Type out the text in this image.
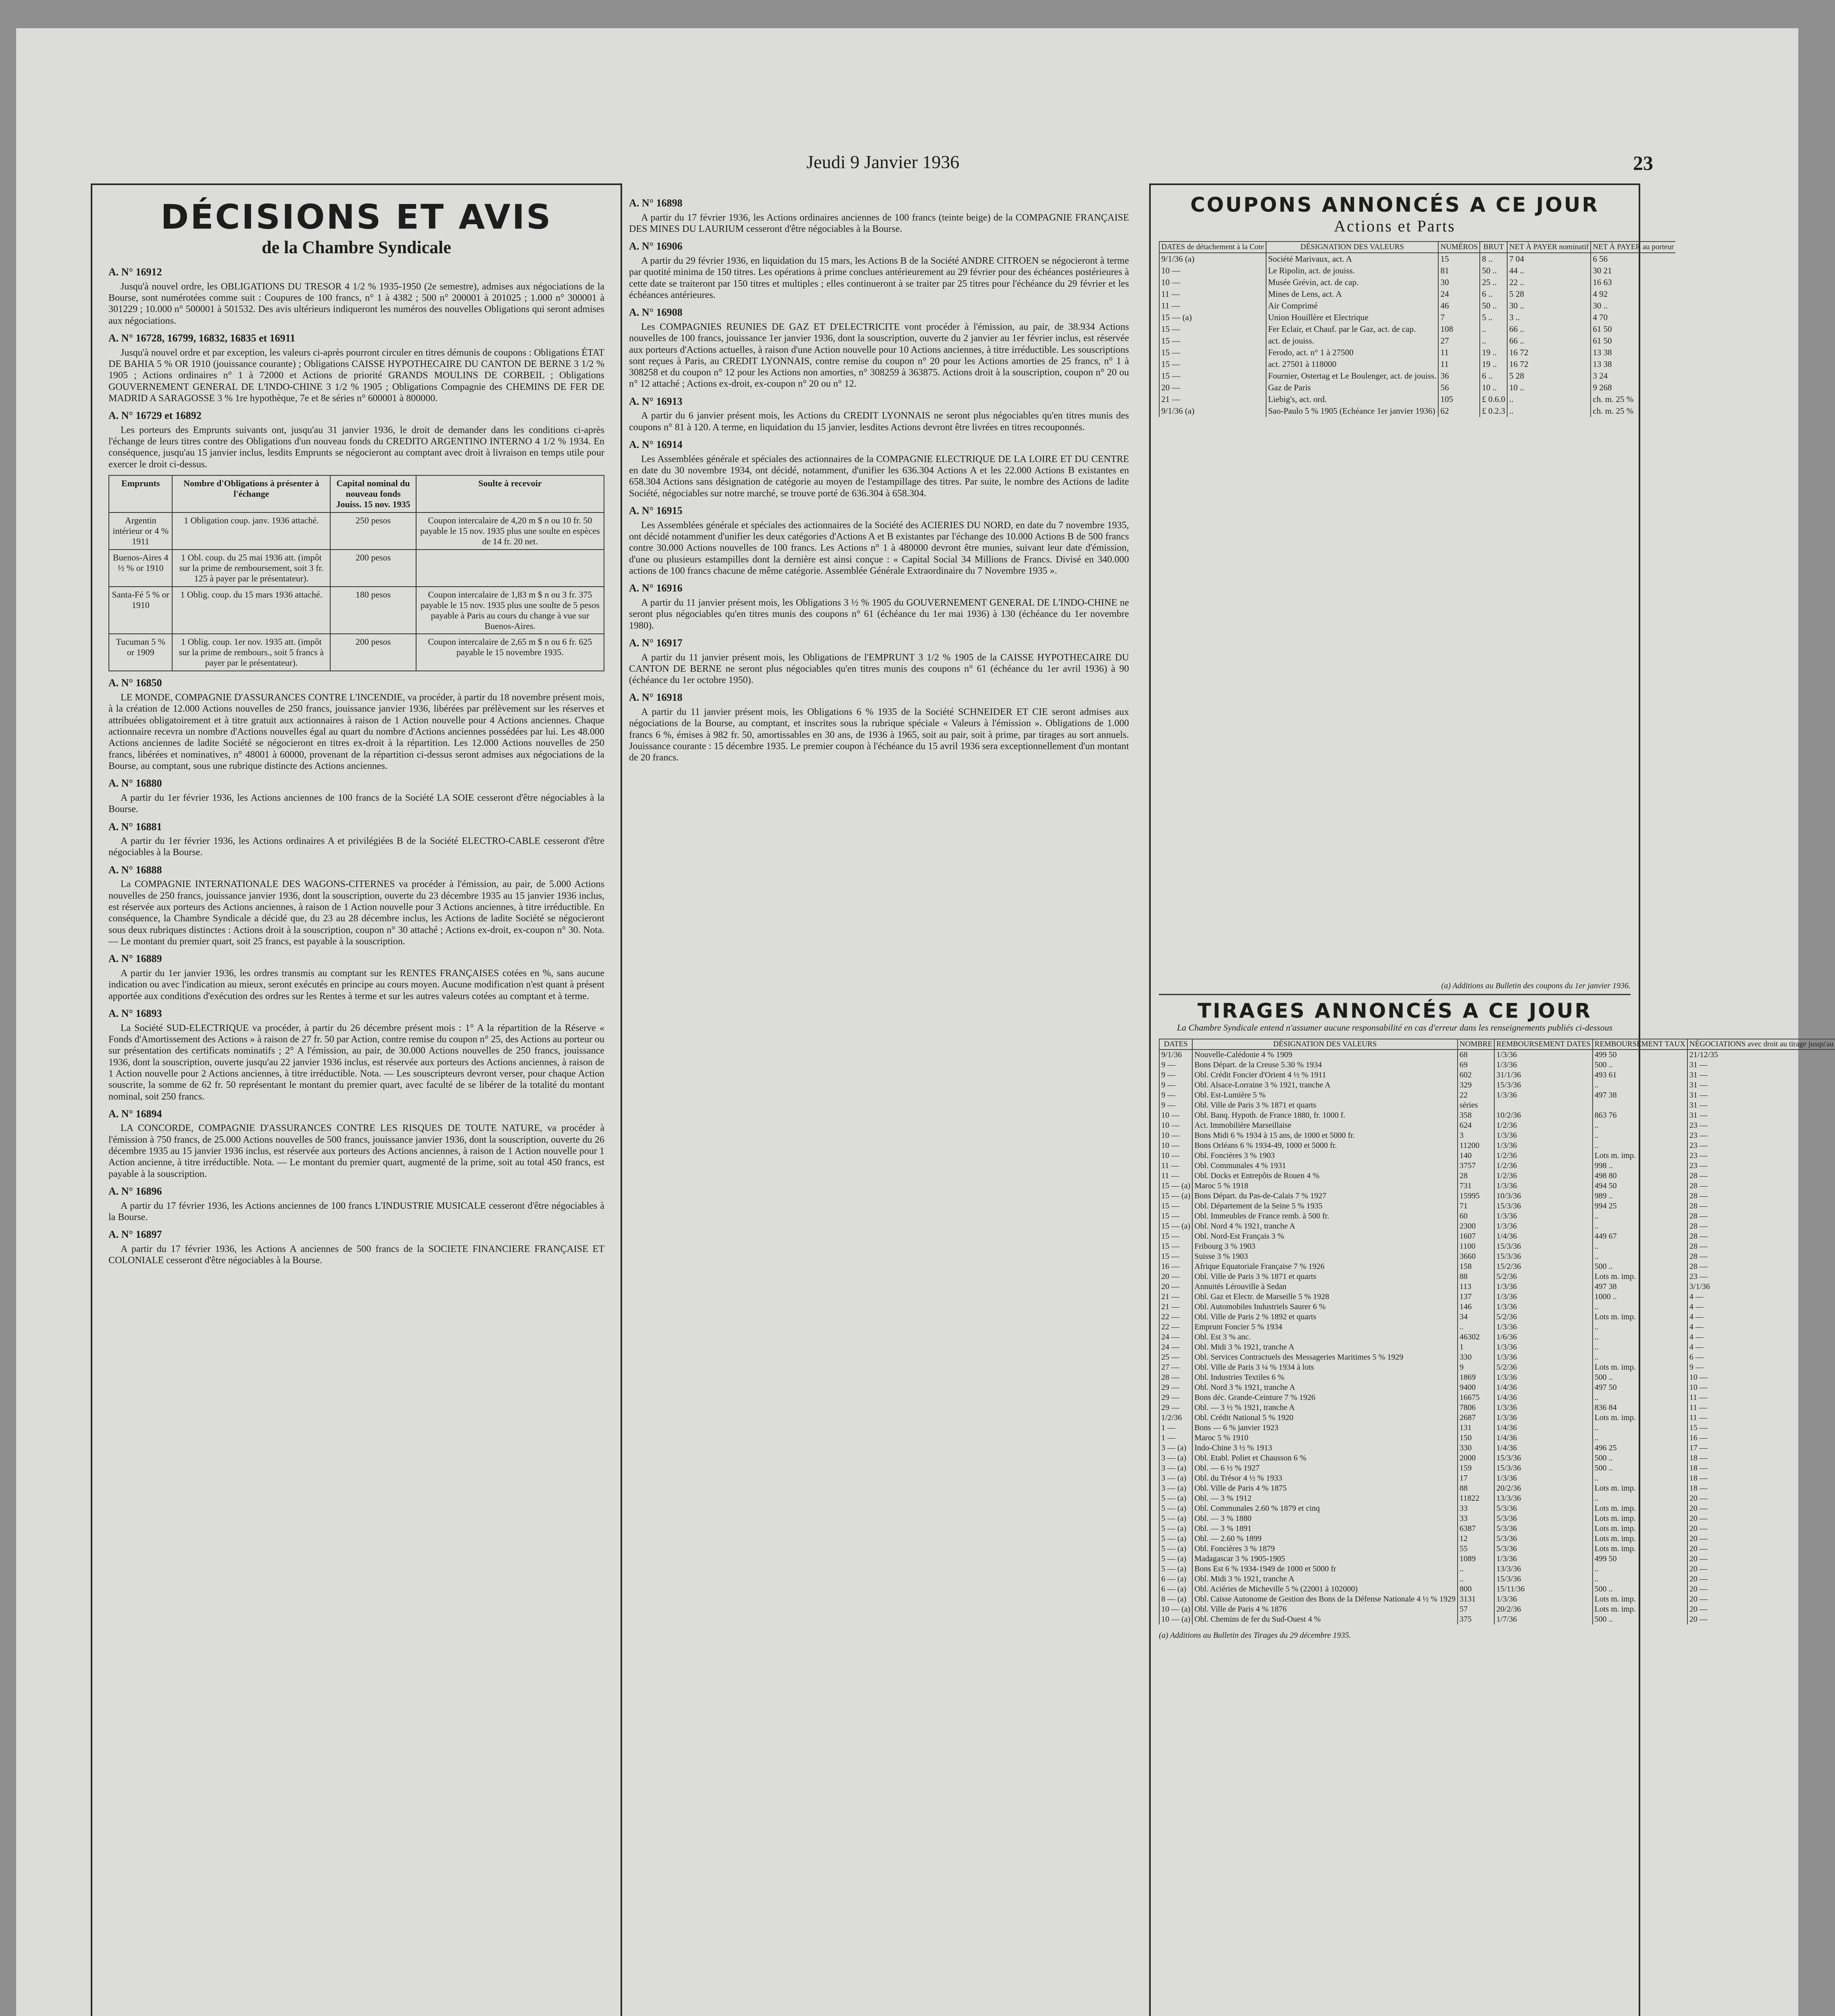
Jeudi 9 Janvier 1936	23
DÉCISIONS ET AVIS
de la Chambre Syndicale
A. N° 16912

Jusqu'à nouvel ordre, les OBLIGATIONS DU TRESOR 4 1/2 % 1935-1950 (2e semestre), admises aux négociations de la Bourse, sont numérotées comme suit : Coupures de 100 francs, n° 1 à 4382 ; 500 n° 200001 à 201025 ; 1.000 n° 300001 à 301229 ; 10.000 n° 500001 à 501532. Des avis ultérieurs indiqueront les numéros des nouvelles Obligations qui seront admises aux négociations.

A. N° 16728, 16799, 16832, 16835 et 16911

Jusqu'à nouvel ordre et par exception, les valeurs ci-après pourront circuler en titres démunis de coupons : Obligations ÉTAT DE BAHIA 5 % OR 1910 (jouissance courante) ; Obligations CAISSE HYPOTHECAIRE DU CANTON DE BERNE 3 1/2 % 1905 ; Actions ordinaires n° 1 à 72000 et Actions de priorité GRANDS MOULINS DE CORBEIL ; Obligations GOUVERNEMENT GENERAL DE L'INDO-CHINE 3 1/2 % 1905 ; Obligations Compagnie des CHEMINS DE FER DE MADRID A SARAGOSSE 3 % 1re hypothèque, 7e et 8e séries n° 600001 à 800000.

A. N° 16729 et 16892

Les porteurs des Emprunts suivants ont, jusqu'au 31 janvier 1936, le droit de demander dans les conditions ci-après l'échange de leurs titres contre des Obligations d'un nouveau fonds du CREDITO ARGENTINO INTERNO 4 1/2 % 1934. En conséquence, jusqu'au 15 janvier inclus, lesdits Emprunts se négocieront au comptant avec droit à livraison en temps utile pour exercer le droit ci-dessus.

Emprunts	Nombre d'Obligations à présenter à l'échange	Capital nominal du nouveau fonds Jouiss. 15 nov. 1935	Soulte à recevoir
Argentin intérieur or 4 % 1911	1 Obligation coup. janv. 1936 attaché.	250 pesos	Coupon intercalaire de 4,20 m $ n ou 10 fr. 50 payable le 15 nov. 1935 plus une soulte en espèces de 14 fr. 20 net.
Buenos-Aires 4 ½ % or 1910	1 Obl. coup. du 25 mai 1936 att. (impôt sur la prime de remboursement, soit 3 fr. 125 à payer par le présentateur).	200 pesos	
Santa-Fé 5 % or 1910	1 Oblig. coup. du 15 mars 1936 attaché.	180 pesos	Coupon intercalaire de 1,83 m $ n ou 3 fr. 375 payable le 15 nov. 1935 plus une soulte de 5 pesos payable à Paris au cours du change à vue sur Buenos-Aires.
Tucuman 5 % or 1909	1 Oblig. coup. 1er nov. 1935 att. (impôt sur la prime de rembours., soit 5 francs à payer par le présentateur).	200 pesos	Coupon intercalaire de 2,65 m $ n ou 6 fr. 625 payable le 15 novembre 1935.
A. N° 16850

LE MONDE, COMPAGNIE D'ASSURANCES CONTRE L'INCENDIE, va procéder, à partir du 18 novembre présent mois, à la création de 12.000 Actions nouvelles de 250 francs, jouissance janvier 1936, libérées par prélèvement sur les réserves et attribuées obligatoirement et à titre gratuit aux actionnaires à raison de 1 Action nouvelle pour 4 Actions anciennes. Chaque actionnaire recevra un nombre d'Actions nouvelles égal au quart du nombre d'Actions anciennes possédées par lui. Les 48.000 Actions anciennes de ladite Société se négocieront en titres ex-droit à la répartition. Les 12.000 Actions nouvelles de 250 francs, libérées et nominatives, n° 48001 à 60000, provenant de la répartition ci-dessus seront admises aux négociations de la Bourse, au comptant, sous une rubrique distincte des Actions anciennes.

A. N° 16880

A partir du 1er février 1936, les Actions anciennes de 100 francs de la Société LA SOIE cesseront d'être négociables à la Bourse.

A. N° 16881

A partir du 1er février 1936, les Actions ordinaires A et privilégiées B de la Société ELECTRO-CABLE cesseront d'être négociables à la Bourse.

A. N° 16888

La COMPAGNIE INTERNATIONALE DES WAGONS-CITERNES va procéder à l'émission, au pair, de 5.000 Actions nouvelles de 250 francs, jouissance janvier 1936, dont la souscription, ouverte du 23 décembre 1935 au 15 janvier 1936 inclus, est réservée aux porteurs des Actions anciennes, à raison de 1 Action nouvelle pour 3 Actions anciennes, à titre irréductible. En conséquence, la Chambre Syndicale a décidé que, du 23 au 28 décembre inclus, les Actions de ladite Société se négocieront sous deux rubriques distinctes : Actions droit à la souscription, coupon n° 30 attaché ; Actions ex-droit, ex-coupon n° 30. Nota. — Le montant du premier quart, soit 25 francs, est payable à la souscription.

A. N° 16889

A partir du 1er janvier 1936, les ordres transmis au comptant sur les RENTES FRANÇAISES cotées en %, sans aucune indication ou avec l'indication au mieux, seront exécutés en principe au cours moyen. Aucune modification n'est quant à présent apportée aux conditions d'exécution des ordres sur les Rentes à terme et sur les autres valeurs cotées au comptant et à terme.

A. N° 16893

La Société SUD-ELECTRIQUE va procéder, à partir du 26 décembre présent mois : 1° A la répartition de la Réserve « Fonds d'Amortissement des Actions » à raison de 27 fr. 50 par Action, contre remise du coupon n° 25, des Actions au porteur ou sur présentation des certificats nominatifs ; 2° A l'émission, au pair, de 30.000 Actions nouvelles de 250 francs, jouissance 1936, dont la souscription, ouverte jusqu'au 22 janvier 1936 inclus, est réservée aux porteurs des Actions anciennes, à raison de 1 Action nouvelle pour 2 Actions anciennes, à titre irréductible. Nota. — Les souscripteurs devront verser, pour chaque Action souscrite, la somme de 62 fr. 50 représentant le montant du premier quart, avec faculté de se libérer de la totalité du montant nominal, soit 250 francs.

A. N° 16894

LA CONCORDE, COMPAGNIE D'ASSURANCES CONTRE LES RISQUES DE TOUTE NATURE, va procéder à l'émission à 750 francs, de 25.000 Actions nouvelles de 500 francs, jouissance janvier 1936, dont la souscription, ouverte du 26 décembre 1935 au 15 janvier 1936 inclus, est réservée aux porteurs des Actions anciennes, à raison de 1 Action nouvelle pour 1 Action ancienne, à titre irréductible. Nota. — Le montant du premier quart, augmenté de la prime, soit au total 450 francs, est payable à la souscription.

A. N° 16896

A partir du 17 février 1936, les Actions anciennes de 100 francs L'INDUSTRIE MUSICALE cesseront d'être négociables à la Bourse.

A. N° 16897

A partir du 17 février 1936, les Actions A anciennes de 500 francs de la SOCIETE FINANCIERE FRANÇAISE ET COLONIALE cesseront d'être négociables à la Bourse.

A. N° 16898

A partir du 17 février 1936, les Actions ordinaires anciennes de 100 francs (teinte beige) de la COMPAGNIE FRANÇAISE DES MINES DU LAURIUM cesseront d'être négociables à la Bourse.

A. N° 16906

A partir du 29 février 1936, en liquidation du 15 mars, les Actions B de la Société ANDRE CITROEN se négocieront à terme par quotité minima de 150 titres. Les opérations à prime conclues antérieurement au 29 février pour des échéances postérieures à cette date se traiteront par 150 titres et multiples ; elles continueront à se traiter par 25 titres pour l'échéance du 29 février et les échéances antérieures.

A. N° 16908

Les COMPAGNIES REUNIES DE GAZ ET D'ELECTRICITE vont procéder à l'émission, au pair, de 38.934 Actions nouvelles de 100 francs, jouissance 1er janvier 1936, dont la souscription, ouverte du 2 janvier au 1er février inclus, est réservée aux porteurs d'Actions actuelles, à raison d'une Action nouvelle pour 10 Actions anciennes, à titre irréductible. Les souscriptions sont reçues à Paris, au CREDIT LYONNAIS, contre remise du coupon n° 20 pour les Actions amorties de 25 francs, n° 1 à 308258 et du coupon n° 12 pour les Actions non amorties, n° 308259 à 363875. Actions droit à la souscription, coupon n° 20 ou n° 12 attaché ; Actions ex-droit, ex-coupon n° 20 ou n° 12.

A. N° 16913

A partir du 6 janvier présent mois, les Actions du CREDIT LYONNAIS ne seront plus négociables qu'en titres munis des coupons n° 81 à 120. A terme, en liquidation du 15 janvier, lesdites Actions devront être livrées en titres recouponnés.

A. N° 16914

Les Assemblées générale et spéciales des actionnaires de la COMPAGNIE ELECTRIQUE DE LA LOIRE ET DU CENTRE en date du 30 novembre 1934, ont décidé, notamment, d'unifier les 636.304 Actions A et les 22.000 Actions B existantes en 658.304 Actions sans désignation de catégorie au moyen de l'estampillage des titres. Par suite, le nombre des Actions de ladite Société, négociables sur notre marché, se trouve porté de 636.304 à 658.304.

A. N° 16915

Les Assemblées générale et spéciales des actionnaires de la Société des ACIERIES DU NORD, en date du 7 novembre 1935, ont décidé notamment d'unifier les deux catégories d'Actions A et B existantes par l'échange des 10.000 Actions B de 500 francs contre 30.000 Actions nouvelles de 100 francs. Les Actions n° 1 à 480000 devront être munies, suivant leur date d'émission, d'une ou plusieurs estampilles dont la dernière est ainsi conçue : « Capital Social 34 Millions de Francs. Divisé en 340.000 actions de 100 francs chacune de même catégorie. Assemblée Générale Extraordinaire du 7 Novembre 1935 ».

A. N° 16916

A partir du 11 janvier présent mois, les Obligations 3 ½ % 1905 du GOUVERNEMENT GENERAL DE L'INDO-CHINE ne seront plus négociables qu'en titres munis des coupons n° 61 (échéance du 1er mai 1936) à 130 (échéance du 1er novembre 1980).

A. N° 16917

A partir du 11 janvier présent mois, les Obligations de l'EMPRUNT 3 1/2 % 1905 de la CAISSE HYPOTHECAIRE DU CANTON DE BERNE ne seront plus négociables qu'en titres munis des coupons n° 61 (échéance du 1er avril 1936) à 90 (échéance du 1er octobre 1950).

A. N° 16918

A partir du 11 janvier présent mois, les Obligations 6 % 1935 de la Société SCHNEIDER ET CIE seront admises aux négociations de la Bourse, au comptant, et inscrites sous la rubrique spéciale « Valeurs à l'émission ». Obligations de 1.000 francs 6 %, émises à 982 fr. 50, amortissables en 30 ans, de 1936 à 1965, soit au pair, soit à prime, par tirages au sort annuels. Jouissance courante : 15 décembre 1935. Le premier coupon à l'échéance du 15 avril 1936 sera exceptionnellement d'un montant de 20 francs.

COUPONS ANNONCÉS A CE JOUR
Actions et Parts
DATES de détachement à la Cote	DÉSIGNATION DES VALEURS	NUMÉROS	BRUT	NET À PAYER nominatif	NET À PAYER au porteur
9/1/36 (a)	Société Marivaux, act. A	15	8 ..	7 04	6 56
10 —	Le Ripolin, act. de jouiss.	81	50 ..	44 ..	30 21
10 —	Musée Grévin, act. de cap.	30	25 ..	22 ..	16 63
11 —	Mines de Lens, act. A	24	6 ..	5 28	4 92
11 —	Air Comprimé	46	50 ..	30 ..	30 ..
15 — (a)	Union Houillère et Electrique	7	5 ..	3 ..	4 70
15 —	Fer Eclair, et Chauf. par le Gaz, act. de cap.	108	..	66 ..	61 50
15 —	act. de jouiss.	27	..	66 ..	61 50
15 —	Ferodo, act. n° 1 à 27500	11	19 ..	16 72	13 38
15 —	act. 27501 à 118000	11	19 ..	16 72	13 38
15 —	Fournier, Ostertag et Le Boulenger, act. de jouiss.	36	6 ..	5 28	3 24
20 —	Gaz de Paris	56	10 ..	10 ..	9 268
21 —	Liebig's, act. ord.	105	£ 0.6.0	..	ch. m. 25 %
9/1/36 (a)	Sao-Paulo 5 % 1905 (Echéance 1er janvier 1936)	62	£ 0.2.3	..	ch. m. 25 %
(a) Additions au Bulletin des coupons du 1er janvier 1936.
TIRAGES ANNONCÉS A CE JOUR
La Chambre Syndicale entend n'assumer aucune responsabilité en cas d'erreur dans les renseignements publiés ci-dessous
DATES	DÉSIGNATION DES VALEURS	NOMBRE	REMBOURSEMENT DATES	REMBOURSEMENT TAUX	NÉGOCIATIONS avec droit au tirage jusqu'au
9/1/36	Nouvelle-Calédonie 4 % 1909	68	1/3/36	499 50	21/12/35
9 —	Bons Départ. de la Creuse 5.30 % 1934	69	1/3/36	500 ..	31 —
9 —	Obl. Crédit Foncier d'Orient 4 ½ % 1911	602	31/1/36	493 61	31 —
9 —	Obl. Alsace-Lorraine 3 % 1921, tranche A	329	15/3/36	..	31 —
9 —	Obl. Est-Lumière 5 %	22	1/3/36	497 38	31 —
9 —	Obl. Ville de Paris 3 % 1871 et quarts	séries			31 —
10 —	Obl. Banq. Hypoth. de France 1880, fr. 1000 f.	358	10/2/36	863 76	31 —
10 —	Act. Immobilière Marseillaise	624	1/2/36	..	23 —
10 —	Bons Midi 6 % 1934 à 15 ans, de 1000 et 5000 fr.	3	1/3/36	..	23 —
10 —	Bons Orléans 6 % 1934-49, 1000 et 5000 fr.	11200	1/3/36	..	23 —
10 —	Obl. Foncières 3 % 1903	140	1/2/36	Lots m. imp.	23 —
11 —	Obl. Communales 4 % 1931	3757	1/2/36	998 ..	23 —
11 —	Obl. Docks et Entrepôts de Rouen 4 %	28	1/2/36	498 80	28 —
15 — (a)	Maroc 5 % 1918	731	1/3/36	494 50	28 —
15 — (a)	Bons Départ. du Pas-de-Calais 7 % 1927	15995	10/3/36	989 ..	28 —
15 —	Obl. Département de la Seine 5 % 1935	71	15/3/36	994 25	28 —
15 —	Obl. Immeubles de France remb. à 500 fr.	60	1/3/36	..	28 —
15 — (a)	Obl. Nord 4 % 1921, tranche A	2300	1/3/36	..	28 —
15 —	Obl. Nord-Est Français 3 %	1607	1/4/36	449 67	28 —
15 —	Fribourg 3 % 1903	1100	15/3/36	..	28 —
15 —	Suisse 3 % 1903	3660	15/3/36	..	28 —
16 —	Afrique Equatoriale Française 7 % 1926	158	15/2/36	500 ..	28 —
20 —	Obl. Ville de Paris 3 % 1871 et quarts	88	5/2/36	Lots m. imp.	23 —
20 —	Annuités Lérouville à Sedan	113	1/3/36	497 38	3/1/36
21 —	Obl. Gaz et Electr. de Marseille 5 % 1928	137	1/3/36	1000 ..	4 —
21 —	Obl. Automobiles Industriels Saurer 6 %	146	1/3/36	..	4 —
22 —	Obl. Ville de Paris 2 % 1892 et quarts	34	5/2/36	Lots m. imp.	4 —
22 —	Emprunt Foncier 5 % 1934	..	1/3/36	..	4 —
24 —	Obl. Est 3 % anc.	46302	1/6/36	..	4 —
24 —	Obl. Midi 3 % 1921, tranche A	1	1/3/36	..	4 —
25 —	Obl. Services Contractuels des Messageries Maritimes 5 % 1929	330	1/3/36	..	6 —
27 —	Obl. Ville de Paris 3 ¼ % 1934 à lots	9	5/2/36	Lots m. imp.	9 —
28 —	Obl. Industries Textiles 6 %	1869	1/3/36	500 ..	10 —
29 —	Obl. Nord 3 % 1921, tranche A	9400	1/4/36	497 50	10 —
29 —	Bons déc. Grande-Ceinture 7 % 1926	16675	1/4/36	..	11 —
29 —	Obl. — 3 ½ % 1921, tranche A	7806	1/3/36	836 84	11 —
1/2/36	Obl. Crédit National 5 % 1920	2687	1/3/36	Lots m. imp.	11 —
1 —	Bons — 6 % janvier 1923	131	1/4/36	..	15 —
1 —	Maroc 5 % 1910	150	1/4/36	..	16 —
3 — (a)	Indo-Chine 3 ½ % 1913	330	1/4/36	496 25	17 —
3 — (a)	Obl. Etabl. Poliet et Chausson 6 %	2000	15/3/36	500 ..	18 —
3 — (a)	Obl. — 6 ½ % 1927	159	15/3/36	500 ..	18 —
3 — (a)	Obl. du Trésor 4 ½ % 1933	17	1/3/36	..	18 —
3 — (a)	Obl. Ville de Paris 4 % 1875	88	20/2/36	Lots m. imp.	18 —
5 — (a)	Obl. — 3 % 1912	11822	13/3/36	..	20 —
5 — (a)	Obl. Communales 2.60 % 1879 et cinq	33	5/3/36	Lots m. imp.	20 —
5 — (a)	Obl. — 3 % 1880	33	5/3/36	Lots m. imp.	20 —
5 — (a)	Obl. — 3 % 1891	6387	5/3/36	Lots m. imp.	20 —
5 — (a)	Obl. — 2.60 % 1899	12	5/3/36	Lots m. imp.	20 —
5 — (a)	Obl. Foncières 3 % 1879	55	5/3/36	Lots m. imp.	20 —
5 — (a)	Madagascar 3 % 1905-1905	1089	1/3/36	499 50	20 —
5 — (a)	Bons Est 6 % 1934-1949 de 1000 et 5000 fr	..	13/3/36	..	20 —
6 — (a)	Obl. Midi 3 % 1921, tranche A	..	15/3/36	..	20 —
6 — (a)	Obl. Aciéries de Micheville 5 % (22001 à 102000)	800	15/11/36	500 ..	20 —
8 — (a)	Obl. Caisse Autonome de Gestion des Bons de la Défense Nationale 4 ½ % 1929	3131	1/3/36	Lots m. imp.	20 —
10 — (a)	Obl. Ville de Paris 4 % 1876	57	20/2/36	Lots m. imp.	20 —
10 — (a)	Obl. Chemins de fer du Sud-Ouest 4 %	375	1/7/36	500 ..	20 —
(a) Additions au Bulletin des Tirages du 29 décembre 1935.
